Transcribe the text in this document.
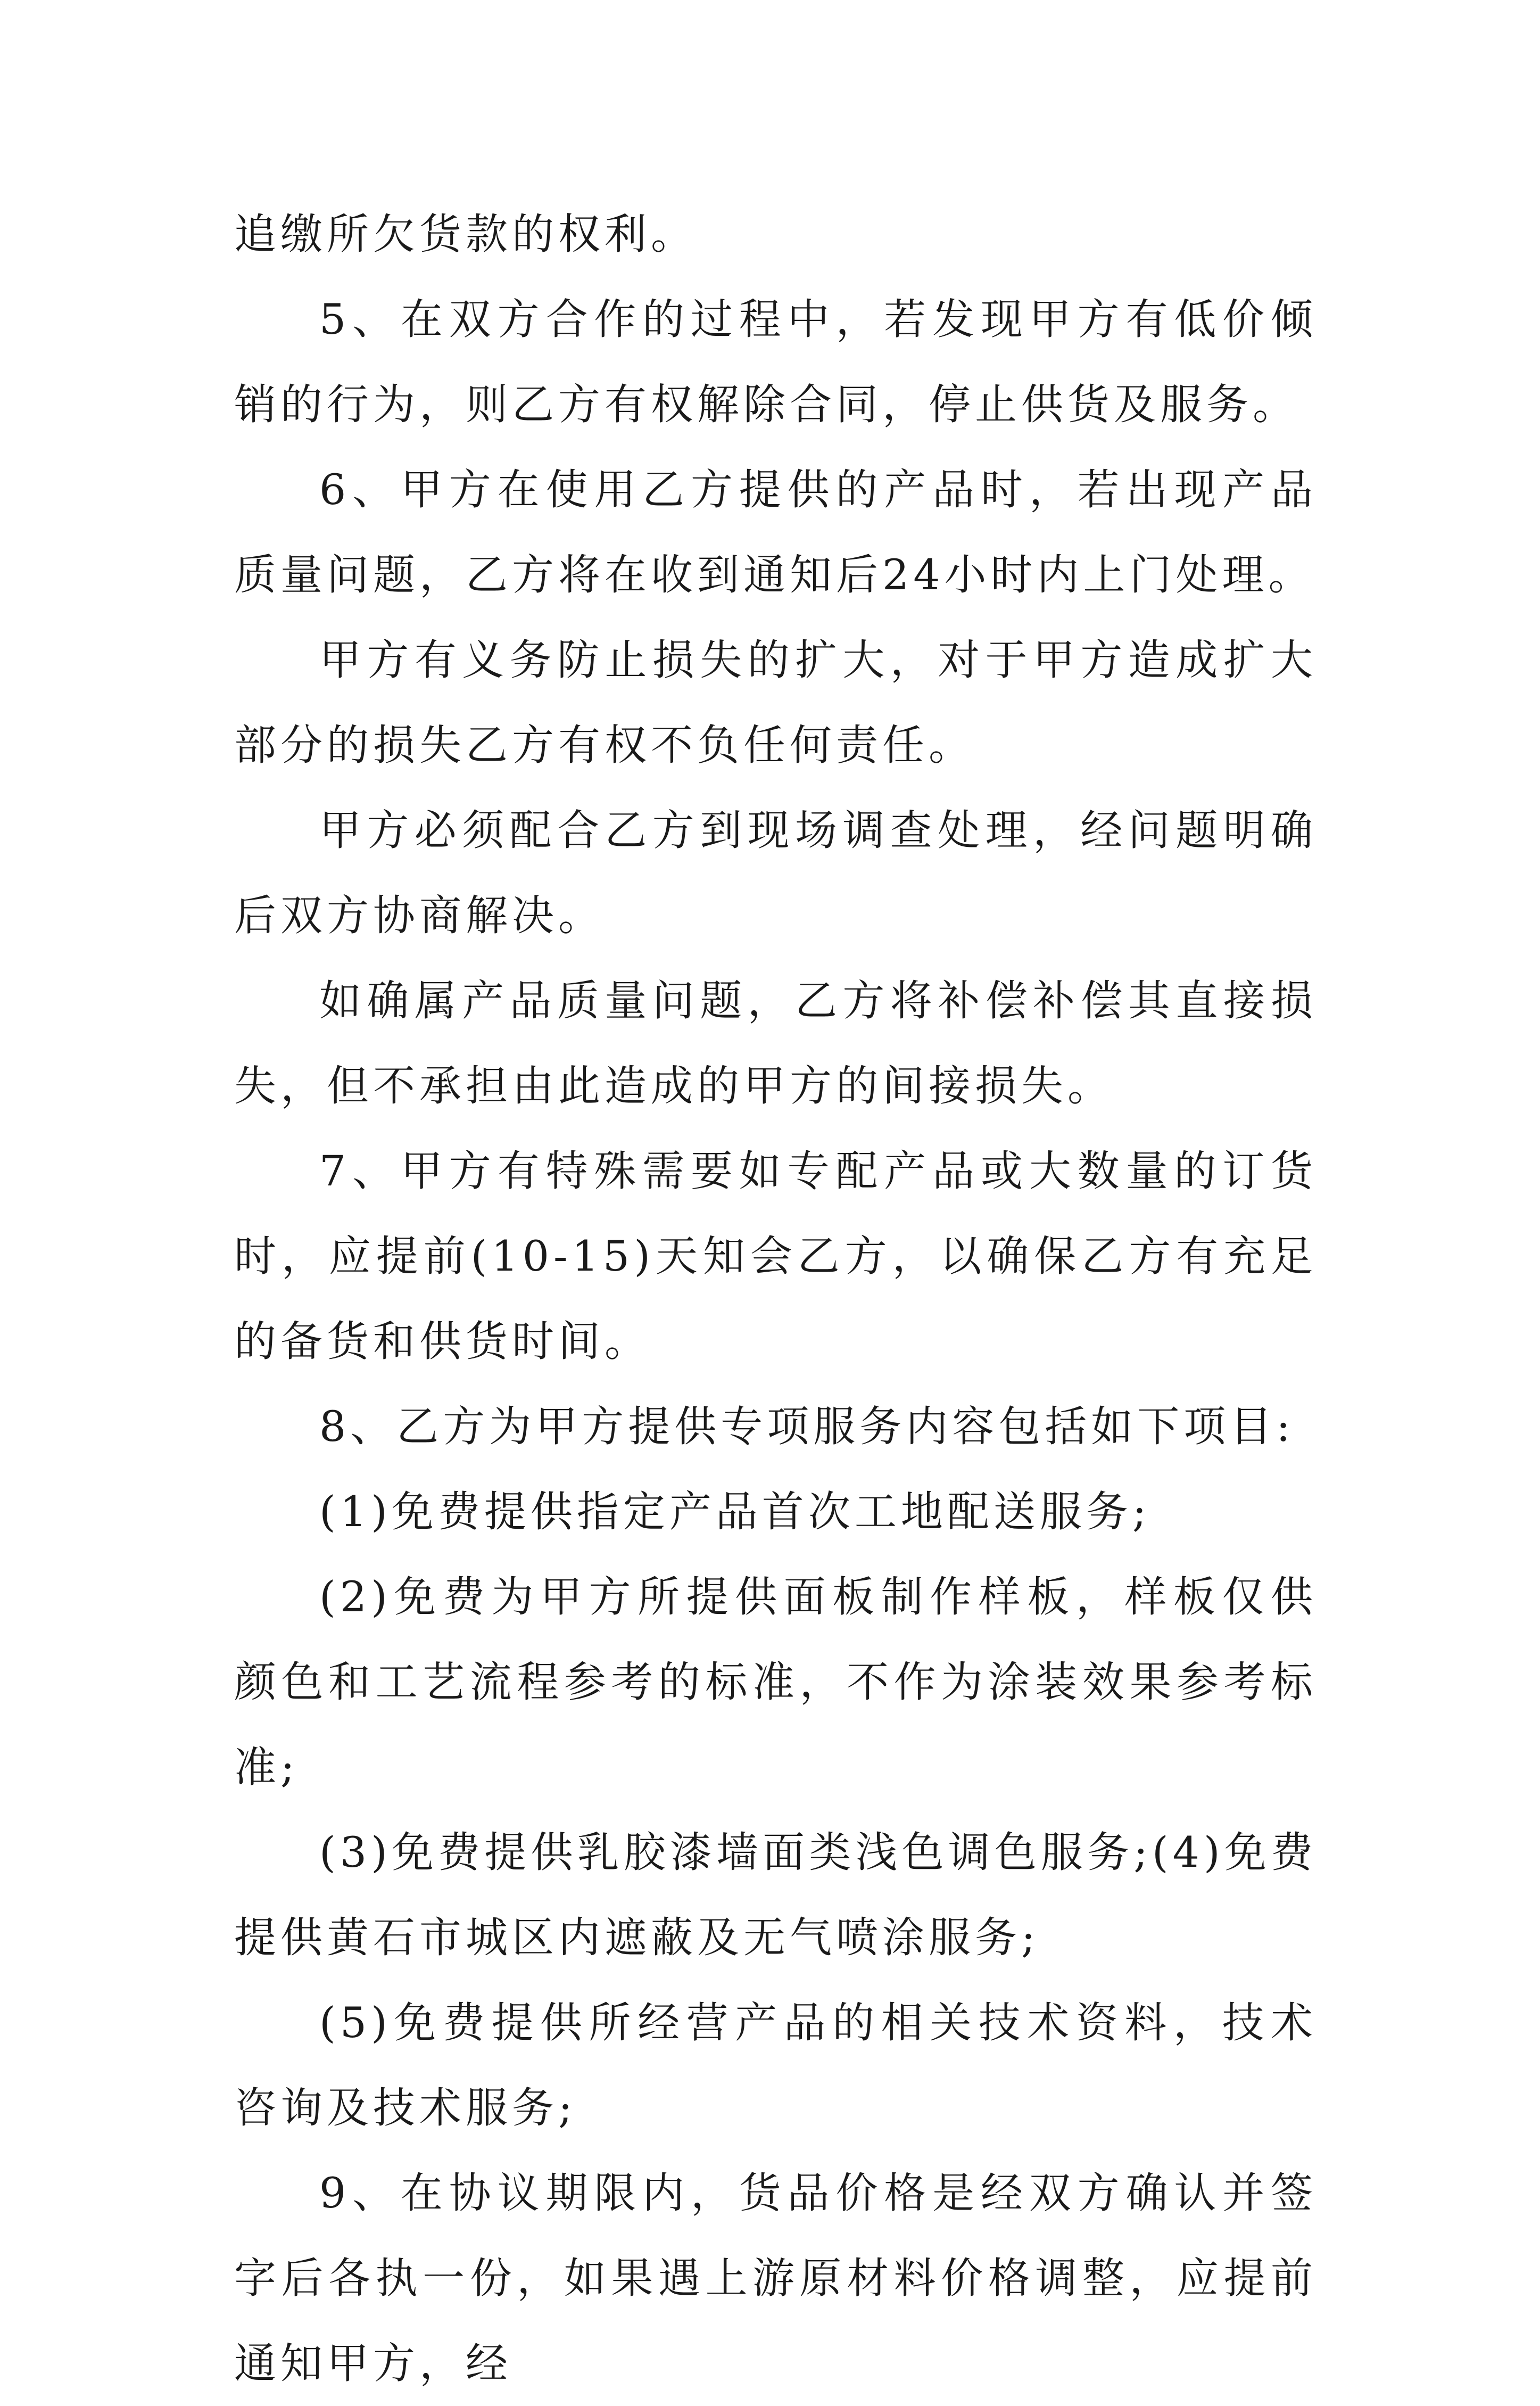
追缴所欠货款的权利。

5、在双方合作的过程中，若发现甲方有低价倾销的行为，则乙方有权解除合同，停止供货及服务。

6、甲方在使用乙方提供的产品时，若出现产品质量问题，乙方将在收到通知后24小时内上门处理。

甲方有义务防止损失的扩大，对于甲方造成扩大部分的损失乙方有权不负任何责任。

甲方必须配合乙方到现场调查处理，经问题明确后双方协商解决。

如确属产品质量问题，乙方将补偿补偿其直接损失，但不承担由此造成的甲方的间接损失。

7、甲方有特殊需要如专配产品或大数量的订货时，应提前(10-15)天知会乙方，以确保乙方有充足的备货和供货时间。

8、乙方为甲方提供专项服务内容包括如下项目:

(1)免费提供指定产品首次工地配送服务;

(2)免费为甲方所提供面板制作样板，样板仅供颜色和工艺流程参考的标准，不作为涂装效果参考标准;

(3)免费提供乳胶漆墙面类浅色调色服务;(4)免费提供黄石市城区内遮蔽及无气喷涂服务;

(5)免费提供所经营产品的相关技术资料，技术咨询及技术服务;

9、在协议期限内，货品价格是经双方确认并签字后各执一份，如果遇上游原材料价格调整，应提前通知甲方，经
